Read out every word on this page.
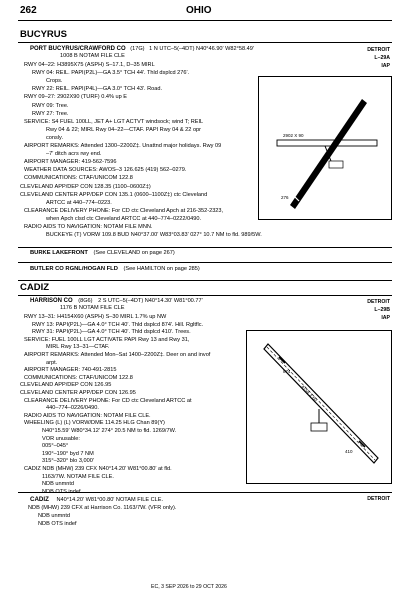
262	OHIO
BUCYRUS
PORT BUCYRUS/CRAWFORD CO (17G) 1 N UTC–5(–4DT) N40°46.90′ W82°58.49′
1008 B NOTAM FILE CLE
DETROIT
L–29A
IAP
RWY 04–22: H3895X75 (ASPH) S–17.1, D–35 MIRL
RWY 04: REIL. PAPI(P2L)—GA 3.5° TCH 44′. Thld dsplcd 276′.
Crops.
RWY 22: REIL. PAPI(P4L)—GA 3.0° TCH 43′. Road.
RWY 09–27: 2902X90 (TURF) 0.4% up E
RWY 09: Tree.
RWY 27: Tree.
SERVICE: S4 FUEL 100LL, JET A+ LGT ACTVT windsock; wind T; REIL
Rwy 04 & 22; MIRL Rwy 04–22—CTAF. PAPI Rwy 04 & 22 opr
consly.
AIRPORT REMARKS: Attended 1300–2200Z‡. Unattnd major holidays. Rwy 09
–7′ ditch acrs rwy end.
AIRPORT MANAGER: 419-562-7596
WEATHER DATA SOURCES: AWOS–3 126.625 (419) 562–0279.
COMMUNICATIONS: CTAF/UNICOM 122.8
CLEVELAND APP/DEP CON 128.35 (1100–0600Z‡)
CLEVELAND CENTER APP/DEP CON 135.1 (0600–1100Z‡) ctc Cleveland
ARTCC at 440–774–0223.
CLEARANCE DELIVERY PHONE: For CD ctc Cleveland Apch at 216-352-2323,
when Apch clsd ctc Cleveland ARTCC at 440–774–0222/0490.
RADIO AIDS TO NAVIGATION: NOTAM FILE MNN.
BUCKEYE (T) VORW 109.8 BUD N40°37.00′ W83°03.83′ 027° 10.7 NM to fld. 989/5W.
2902 X 90
3895 X 75
276
BURKE LAKEFRONT (See CLEVELAND on page 267)
BUTLER CO RGNL/HOGAN FLD (See HAMILTON on page 285)
CADIZ
HARRISON CO (8G6) 2 S UTC–5(–4DT) N40°14.30′ W81°00.77′
1176 B NOTAM FILE CLE
DETROIT
L–29B
IAP
RWY 13–31: H4154X60 (ASPH) S–30 MIRL 1.7% up NW
RWY 13: PAPI(P2L)—GA 4.0° TCH 40′. Thld dsplcd 874′. Hill. Rgltflc.
RWY 31: PAPI(P2L)—GA 4.0° TCH 40′. Thld dsplcd 410′. Trees.
SERVICE: FUEL 100LL LGT ACTIVATE PAPI Rwy 13 and Rwy 31,
MIRL Rwy 13–31—CTAF.
AIRPORT REMARKS: Attended Mon–Sat 1400–2200Z‡. Deer on and invof
arpt.
AIRPORT MANAGER: 740-491-2815
COMMUNICATIONS: CTAF/UNICOM 122.8
CLEVELAND APP/DEP CON 126.95
CLEVELAND CENTER APP/DEP CON 126.95
CLEARANCE DELIVERY PHONE: For CD ctc Cleveland ARTCC at
440–774–0226/0490.
RADIO AIDS TO NAVIGATION: NOTAM FILE CLE.
WHEELING (L) (L) VORW/DME 114.25 HLG Chan 89(Y)
N40°15.59′ W80°34.12′ 274° 20.5 NM to fld. 1269/7W.
VOR unusable:
005°–045°
190°–190° byd 7 NM
315°–320° blo 3,000′
CADIZ NDB (MHW) 239 CFX N40°14.20′ W81°00.80′ at fld.
1163/7W. NOTAM FILE CLE.
NDB unmntd
4154 X 60
874
410
CADIZ N40°14.20′ W81°00.80′ NOTAM FILE CLE.	DETROIT
NDB (MHW) 239 CFX at Harrison Co. 1163/7W. (VFR only).
NDB unmntd
NDB OTS indef
EC, 3 SEP 2026 to 29 OCT 2026
